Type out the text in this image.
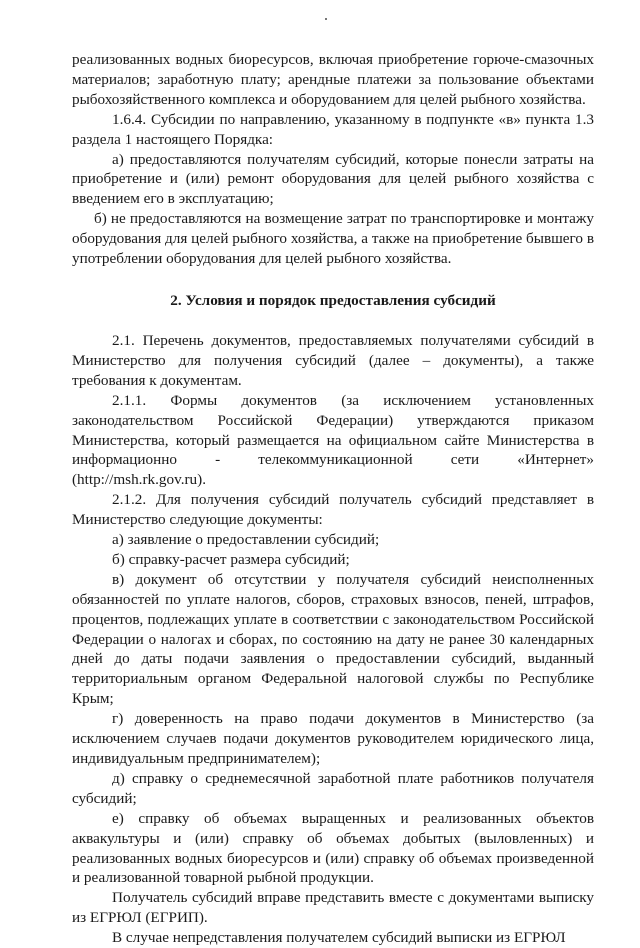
реализованных водных биоресурсов, включая приобретение горюче-смазочных материалов; заработную плату; арендные платежи за пользование объектами рыбохозяйственного комплекса и оборудованием для целей рыбного хозяйства.

1.6.4. Субсидии по направлению, указанному в подпункте «в» пункта 1.3 раздела 1 настоящего Порядка:

а) предоставляются получателям субсидий, которые понесли затраты на приобретение и (или) ремонт оборудования для целей рыбного хозяйства с введением его в эксплуатацию;

б) не предоставляются на возмещение затрат по транспортировке и монтажу оборудования для целей рыбного хозяйства, а также на приобретение бывшего в употреблении оборудования для целей рыбного хозяйства.

2. Условия и порядок предоставления субсидий

2.1. Перечень документов, предоставляемых получателями субсидий в Министерство для получения субсидий (далее – документы), а также требования к документам.

2.1.1. Формы документов (за исключением установленных законодательством Российской Федерации) утверждаются приказом Министерства, который размещается на официальном сайте Министерства в информационно - телекоммуникационной сети «Интернет» (http://msh.rk.gov.ru).

2.1.2. Для получения субсидий получатель субсидий представляет в Министерство следующие документы:

а) заявление о предоставлении субсидий;

б) справку-расчет размера субсидий;

в) документ об отсутствии у получателя субсидий неисполненных обязанностей по уплате налогов, сборов, страховых взносов, пеней, штрафов, процентов, подлежащих уплате в соответствии с законодательством Российской Федерации о налогах и сборах, по состоянию на дату не ранее 30 календарных дней до даты подачи заявления о предоставлении субсидий, выданный территориальным органом Федеральной налоговой службы по Республике Крым;

г) доверенность на право подачи документов в Министерство (за исключением случаев подачи документов руководителем юридического лица, индивидуальным предпринимателем);

д) справку о среднемесячной заработной плате работников получателя субсидий;

е) справку об объемах выращенных и реализованных объектов аквакультуры и (или) справку об объемах добытых (выловленных) и реализованных водных биоресурсов и (или) справку об объемах произведенной и реализованной товарной рыбной продукции.

Получатель субсидий вправе представить вместе с документами выписку из ЕГРЮЛ (ЕГРИП).

В случае непредставления получателем субсидий выписки из ЕГРЮЛ
